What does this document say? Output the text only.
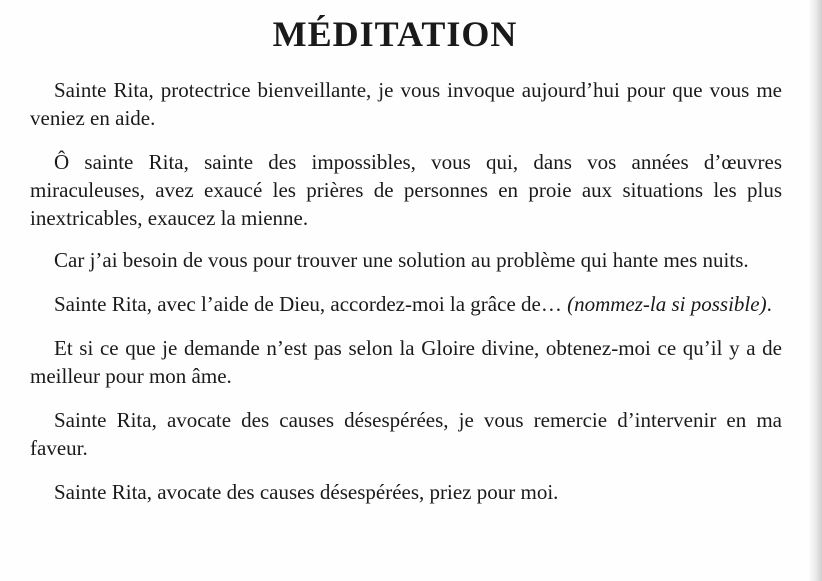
MÉDITATION

Sainte Rita, protectrice bienveillante, je vous invoque aujourd’hui pour que vous me veniez en aide.

Ô sainte Rita, sainte des impossibles, vous qui, dans vos années d’œuvres miraculeuses, avez exaucé les prières de personnes en proie aux situations les plus inextricables, exaucez la mienne.

Car j’ai besoin de vous pour trouver une solution au problème qui hante mes nuits.

Sainte Rita, avec l’aide de Dieu, accordez-moi la grâce de… (nommez-la si possible).

Et si ce que je demande n’est pas selon la Gloire divine, obtenez-moi ce qu’il y a de meilleur pour mon âme.

Sainte Rita, avocate des causes désespérées, je vous remercie d’intervenir en ma faveur.

Sainte Rita, avocate des causes désespérées, priez pour moi.
